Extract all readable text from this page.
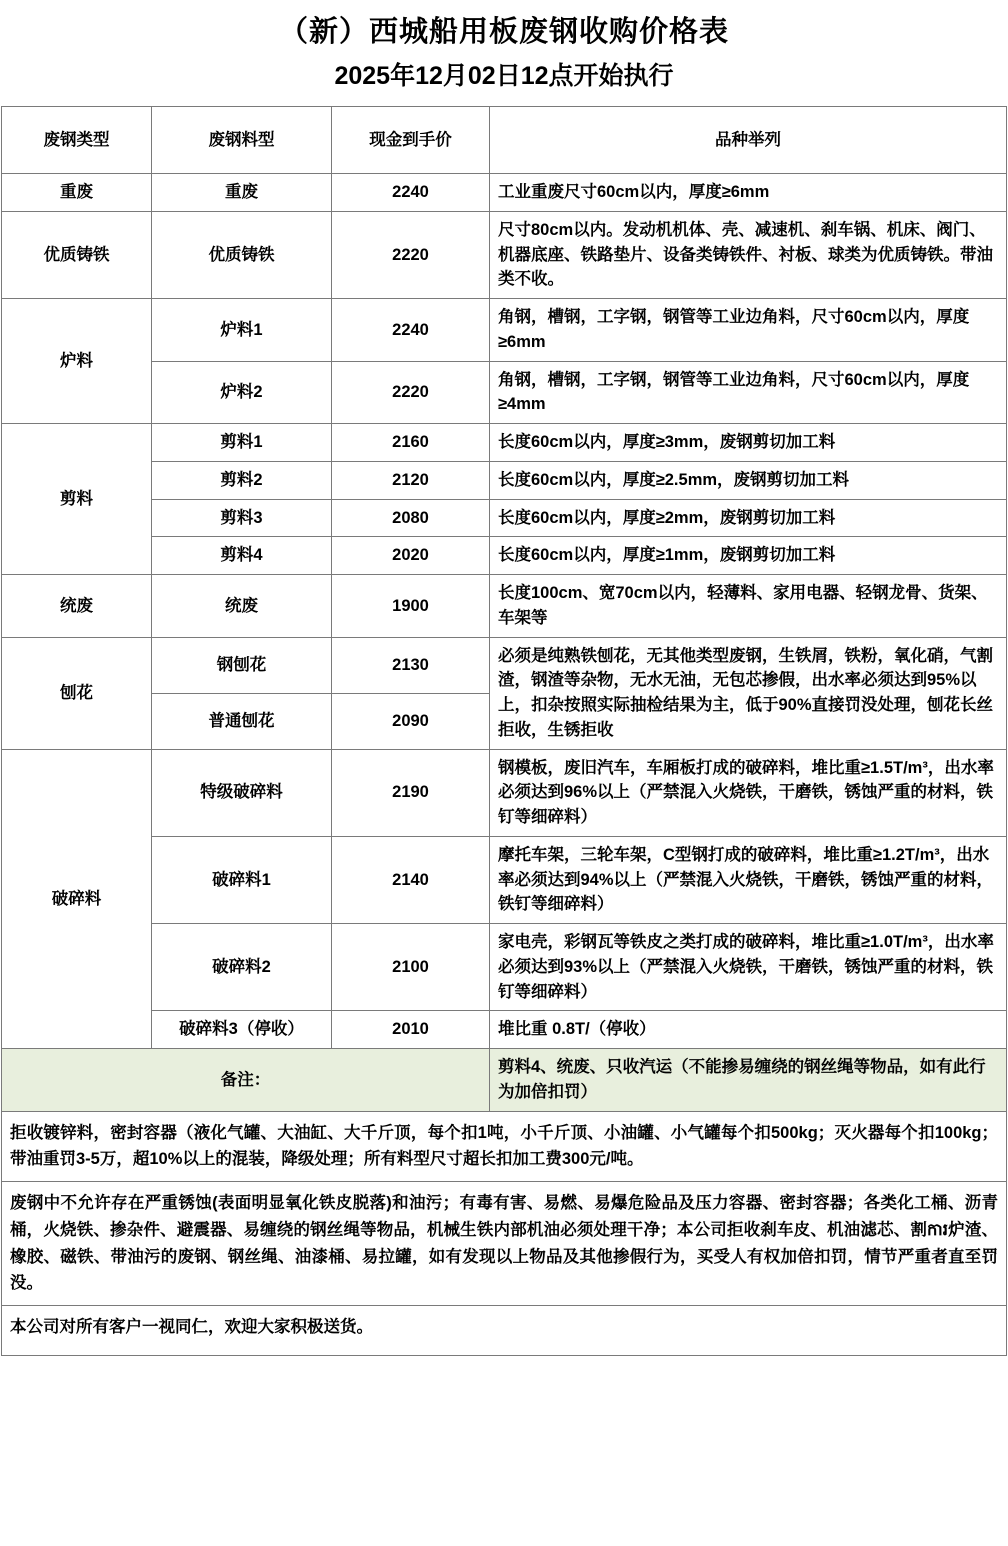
（新）西城船用板废钢收购价格表
2025年12月02日12点开始执行
废钢类型	废钢料型	现金到手价	品种举列
重废	重废	2240	工业重废尺寸60cm以内，厚度≥6mm
优质铸铁	优质铸铁	2220	尺寸80cm以内。发动机机体、壳、减速机、刹车锅、机床、阀门、机器底座、铁路垫片、设备类铸铁件、衬板、球类为优质铸铁。带油类不收。
炉料	炉料1	2240	角钢，槽钢，工字钢，钢管等工业边角料，尺寸60cm以内，厚度≥6mm
	炉料2	2220	角钢，槽钢，工字钢，钢管等工业边角料，尺寸60cm以内，厚度≥4mm
剪料	剪料1	2160	长度60cm以内，厚度≥3mm，废钢剪切加工料
	剪料2	2120	长度60cm以内，厚度≥2.5mm，废钢剪切加工料
	剪料3	2080	长度60cm以内，厚度≥2mm，废钢剪切加工料
	剪料4	2020	长度60cm以内，厚度≥1mm，废钢剪切加工料
统废	统废	1900	长度100cm、宽70cm以内，轻薄料、家用电器、轻钢龙骨、货架、车架等
刨花	钢刨花	2130	必须是纯熟铁刨花，无其他类型废钢，生铁屑，铁粉，氧化硝，气割渣，钢渣等杂物，无水无油，无包芯掺假，出水率必须达到95%以上，扣杂按照实际抽检结果为主，低于90%直接罚没处理，刨花长丝拒收，生锈拒收
	普通刨花	2090	
破碎料	特级破碎料	2190	钢模板，废旧汽车，车厢板打成的破碎料，堆比重≥1.5T/m³，出水率必须达到96%以上（严禁混入火烧铁，干磨铁，锈蚀严重的材料，铁钉等细碎料）
	破碎料1	2140	摩托车架，三轮车架，C型钢打成的破碎料，堆比重≥1.2T/m³，出水率必须达到94%以上（严禁混入火烧铁，干磨铁，锈蚀严重的材料，铁钉等细碎料）
	破碎料2	2100	家电壳，彩钢瓦等铁皮之类打成的破碎料，堆比重≥1.0T/m³，出水率必须达到93%以上（严禁混入火烧铁，干磨铁，锈蚀严重的材料，铁钉等细碎料）
	破碎料3（停收）	2010	堆比重 0.8T/（停收）
备注：			剪料4、统废、只收汽运（不能掺易缠绕的钢丝绳等物品，如有此行为加倍扣罚）
拒收镀锌料，密封容器（液化气罐、大油缸、大千斤顶，每个扣1吨，小千斤顶、小油罐、小气罐每个扣500kg；灭火器每个扣100kg；带油重罚3-5万，超10%以上的混装，降级处理；所有料型尺寸超长扣加工费300元/吨。
废钢中不允许存在严重锈蚀(表面明显氧化铁皮脱落)和油污；有毒有害、易燃、易爆危险品及压力容器、密封容器；各类化工桶、沥青桶，火烧铁、掺杂件、避震器、易缠绕的钢丝绳等物品，机械生铁内部机油必须处理干净；本公司拒收刹车皮、机油滤芯、割ការ炉渣、橡胶、磁铁、带油污的废钢、钢丝绳、油漆桶、易拉罐，如有发现以上物品及其他掺假行为，买受人有权加倍扣罚，情节严重者直至罚没。
本公司对所有客户一视同仁，欢迎大家积极送货。
